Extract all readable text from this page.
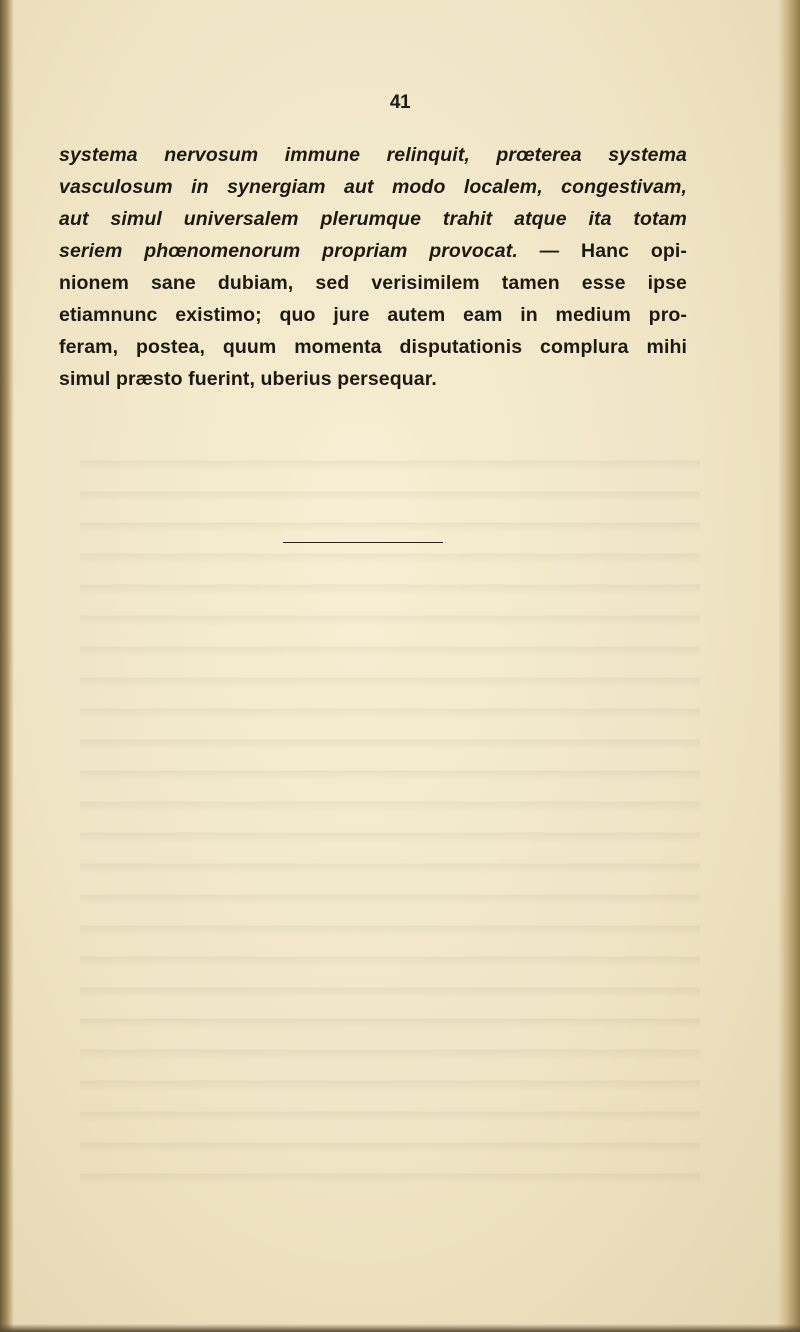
41
systema nervosum immune relinquit, prœterea systema
vasculosum in synergiam aut modo localem, congestivam,
aut simul universalem plerumque trahit atque ita totam
seriem phœnomenorum propriam provocat. — Hanc opi-
nionem sane dubiam, sed verisimilem tamen esse ipse
etiamnunc existimo; quo jure autem eam in medium pro-
feram, postea, quum momenta disputationis complura mihi
simul præsto fuerint, uberius persequar.
